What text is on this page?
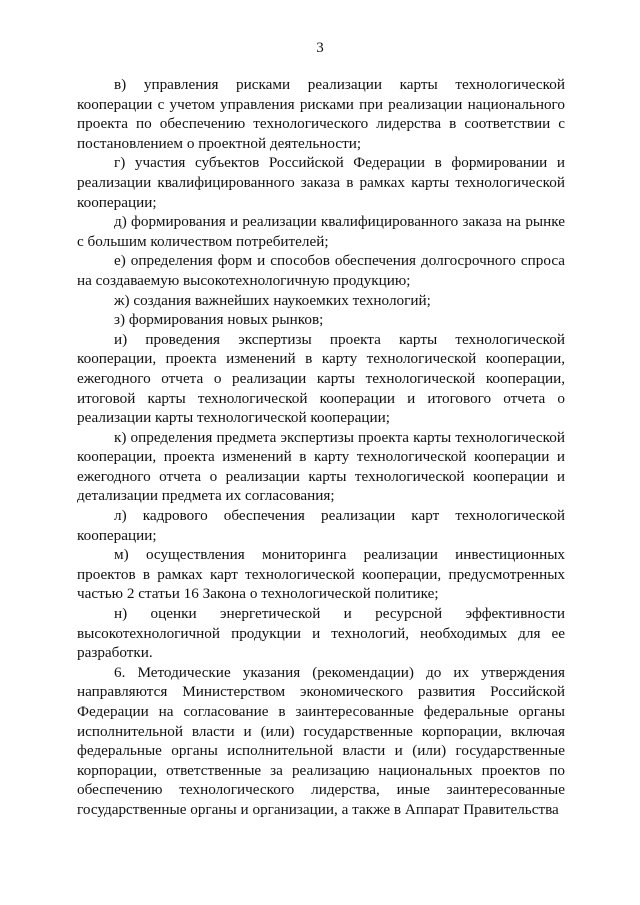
3

в) управления рисками реализации карты технологической кооперации с учетом управления рисками при реализации национального проекта по обеспечению технологического лидерства в соответствии с постановлением о проектной деятельности;

г) участия субъектов Российской Федерации в формировании и реализации квалифицированного заказа в рамках карты технологической кооперации;

д) формирования и реализации квалифицированного заказа на рынке с большим количеством потребителей;

е) определения форм и способов обеспечения долгосрочного спроса на создаваемую высокотехнологичную продукцию;

ж) создания важнейших наукоемких технологий;

з) формирования новых рынков;

и) проведения экспертизы проекта карты технологической кооперации, проекта изменений в карту технологической кооперации, ежегодного отчета о реализации карты технологической кооперации, итоговой карты технологической кооперации и итогового отчета о реализации карты технологической кооперации;

к) определения предмета экспертизы проекта карты технологической кооперации, проекта изменений в карту технологической кооперации и ежегодного отчета о реализации карты технологической кооперации и детализации предмета их согласования;

л) кадрового обеспечения реализации карт технологической кооперации;

м) осуществления мониторинга реализации инвестиционных проектов в рамках карт технологической кооперации, предусмотренных частью 2 статьи 16 Закона о технологической политике;

н) оценки энергетической и ресурсной эффективности высокотехнологичной продукции и технологий, необходимых для ее разработки.

6. Методические указания (рекомендации) до их утверждения направляются Министерством экономического развития Российской Федерации на согласование в заинтересованные федеральные органы исполнительной власти и (или) государственные корпорации, включая федеральные органы исполнительной власти и (или) государственные корпорации, ответственные за реализацию национальных проектов по обеспечению технологического лидерства, иные заинтересованные государственные органы и организации, а также в Аппарат Правительства
